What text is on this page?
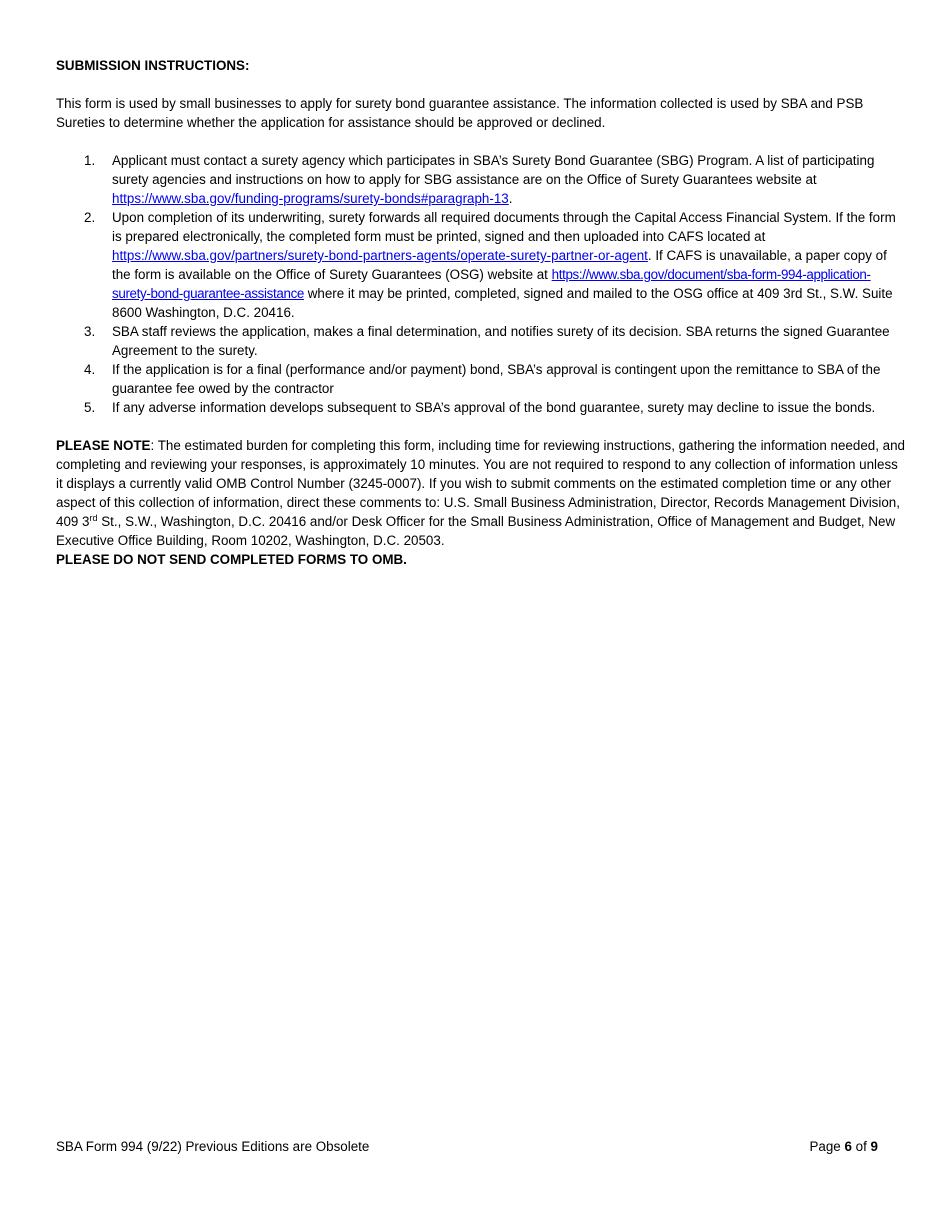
SUBMISSION INSTRUCTIONS:
This form is used by small businesses to apply for surety bond guarantee assistance. The information collected is used by SBA and PSB Sureties to determine whether the application for assistance should be approved or declined.
1. Applicant must contact a surety agency which participates in SBA’s Surety Bond Guarantee (SBG) Program. A list of participating surety agencies and instructions on how to apply for SBG assistance are on the Office of Surety Guarantees website at https://www.sba.gov/funding-programs/surety-bonds#paragraph-13.
2. Upon completion of its underwriting, surety forwards all required documents through the Capital Access Financial System. If the form is prepared electronically, the completed form must be printed, signed and then uploaded into CAFS located at https://www.sba.gov/partners/surety-bond-partners-agents/operate-surety-partner-or-agent. If CAFS is unavailable, a paper copy of the form is available on the Office of Surety Guarantees (OSG) website at https://www.sba.gov/document/sba-form-994-application-surety-bond-guarantee-assistance where it may be printed, completed, signed and mailed to the OSG office at 409 3rd St., S.W. Suite 8600 Washington, D.C. 20416.
3. SBA staff reviews the application, makes a final determination, and notifies surety of its decision. SBA returns the signed Guarantee Agreement to the surety.
4. If the application is for a final (performance and/or payment) bond, SBA’s approval is contingent upon the remittance to SBA of the guarantee fee owed by the contractor
5. If any adverse information develops subsequent to SBA’s approval of the bond guarantee, surety may decline to issue the bonds.
PLEASE NOTE: The estimated burden for completing this form, including time for reviewing instructions, gathering the information needed, and completing and reviewing your responses, is approximately 10 minutes. You are not required to respond to any collection of information unless it displays a currently valid OMB Control Number (3245-0007). If you wish to submit comments on the estimated completion time or any other aspect of this collection of information, direct these comments to: U.S. Small Business Administration, Director, Records Management Division, 409 3rd St., S.W., Washington, D.C. 20416 and/or Desk Officer for the Small Business Administration, Office of Management and Budget, New Executive Office Building, Room 10202, Washington, D.C. 20503.
PLEASE DO NOT SEND COMPLETED FORMS TO OMB.
SBA Form 994 (9/22) Previous Editions are Obsolete	Page 6 of 9
